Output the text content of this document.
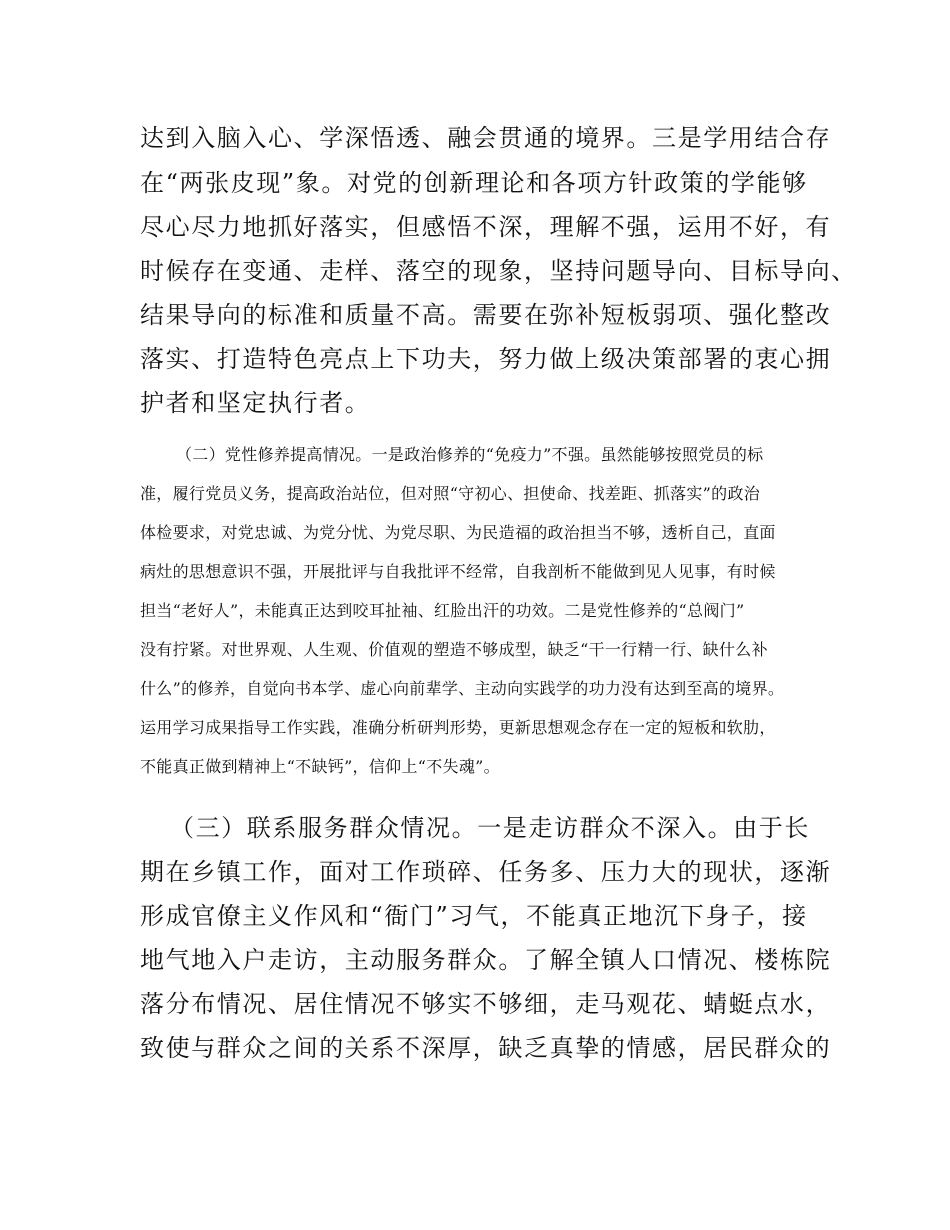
达到入脑入心、学深悟透、融会贯通的境界。三是学用结合存

在“两张皮现”象。对党的创新理论和各项方针政策的学能够

尽心尽力地抓好落实，但感悟不深，理解不强，运用不好，有

时候存在变通、走样、落空的现象，坚持问题导向、目标导向、

结果导向的标准和质量不高。需要在弥补短板弱项、强化整改

落实、打造特色亮点上下功夫，努力做上级决策部署的衷心拥

护者和坚定执行者。

（二）党性修养提高情况。一是政治修养的“免疫力”不强。虽然能够按照党员的标

准，履行党员义务，提高政治站位，但对照“守初心、担使命、找差距、抓落实”的政治

体检要求，对党忠诚、为党分忧、为党尽职、为民造福的政治担当不够，透析自己，直面

病灶的思想意识不强，开展批评与自我批评不经常，自我剖析不能做到见人见事，有时候

担当“老好人”，未能真正达到咬耳扯袖、红脸出汗的功效。二是党性修养的“总阀门”

没有拧紧。对世界观、人生观、价值观的塑造不够成型，缺乏“干一行精一行、缺什么补

什么”的修养，自觉向书本学、虚心向前辈学、主动向实践学的功力没有达到至高的境界。

运用学习成果指导工作实践，准确分析研判形势，更新思想观念存在一定的短板和软肋，

不能真正做到精神上“不缺钙”，信仰上“不失魂”。

（三）联系服务群众情况。一是走访群众不深入。由于长

期在乡镇工作，面对工作琐碎、任务多、压力大的现状，逐渐

形成官僚主义作风和“衙门”习气，不能真正地沉下身子，接

地气地入户走访，主动服务群众。了解全镇人口情况、楼栋院

落分布情况、居住情况不够实不够细，走马观花、蜻蜓点水，

致使与群众之间的关系不深厚，缺乏真挚的情感，居民群众的
